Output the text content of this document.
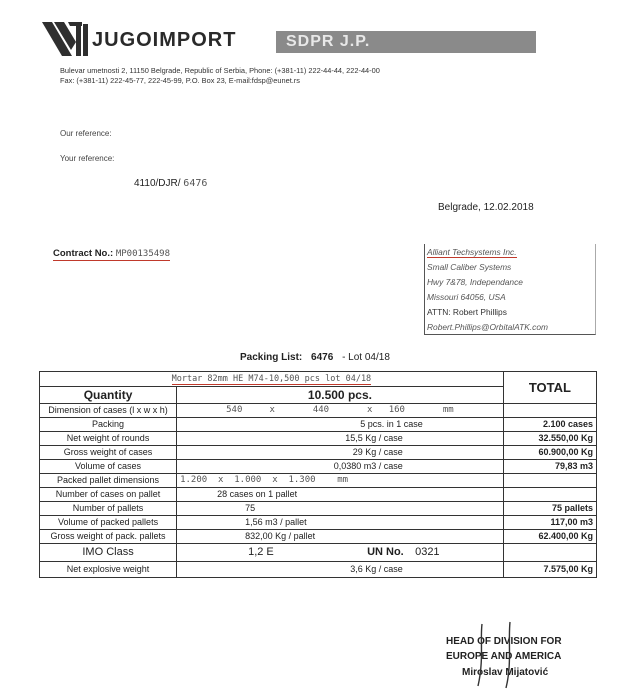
JUGOIMPORT	SDPR J.P.
Bulevar umetnosti 2, 11150 Belgrade, Republic of Serbia, Phone: (+381-11) 222-44-44, 222-44-00
Fax: (+381-11) 222-45-77, 222-45-99, P.O. Box 23, E-mail:fdsp@eunet.rs
Our reference:
Your reference:
4110/DJR/ 6476
Belgrade, 12.02.2018
Contract No.: MP00135498	Alliant Techsystems Inc.
Small Caliber Systems
Hwy 7&78, Independance
Missouri 64056, USA
ATTN: Robert Phillips
Robert.Phillips@OrbitalATK.com
Packing List: 6476 - Lot 04/18
Mortar 82mm HE M74-10,500 pcs lot 04/18		TOTAL
Quantity	10.500 pcs.	
Dimension of cases (l x w x h)	540     x       440       x   160       mm	
Packing	5 pcs. in 1 case	2.100 cases
Net weight of rounds	15,5 Kg / case	32.550,00 Kg
Gross weight of cases	29 Kg / case	60.900,00 Kg
Volume of cases	0,0380 m3 / case	79,83 m3
Packed pallet dimensions	1.200  x  1.000  x  1.300    mm	
Number of cases on pallet	28 cases on 1 pallet	
Number of pallets	75	75 pallets
Volume of packed pallets	1,56 m3 / pallet	117,00 m3
Gross weight of pack. pallets	832,00 Kg / pallet	62.400,00 Kg
IMO Class	1,2 E UN No. 0321	

Net explosive weight	3,6 Kg / case	7.575,00 Kg
HEAD OF DIVISION FOR
EUROPE AND AMERICA
Miroslav Mijatović
